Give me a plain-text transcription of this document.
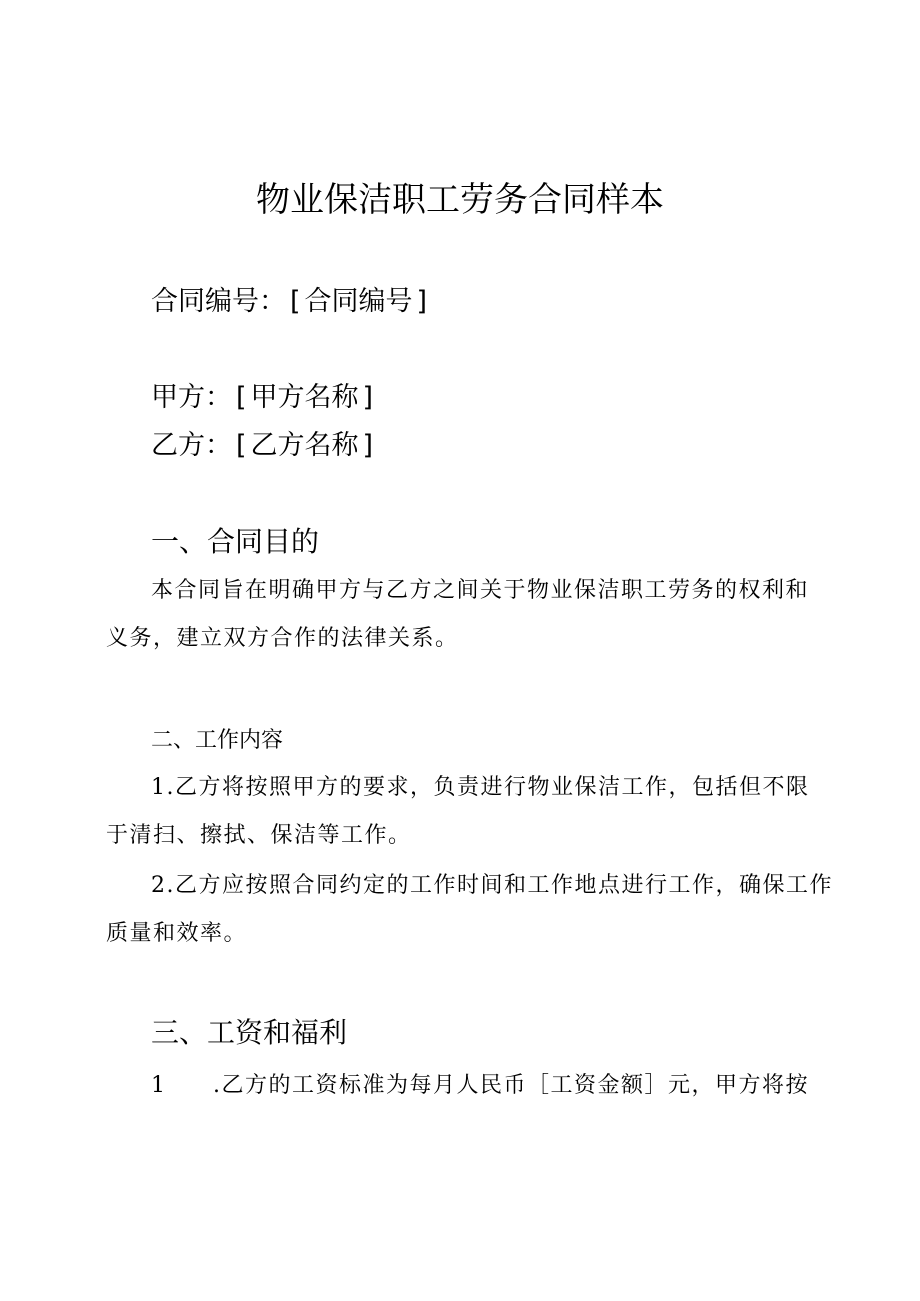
物业保洁职工劳务合同样本
合同编号： [ 合同编号 ]
甲方： [ 甲方名称 ]
乙方： [ 乙方名称 ]
一、合同目的
本合同旨在明确甲方与乙方之间关于物业保洁职工劳务的权利和
义务，建立双方合作的法律关系。
二、工作内容
1.乙方将按照甲方的要求，负责进行物业保洁工作，包括但不限
于清扫、擦拭、保洁等工作。
2.乙方应按照合同约定的工作时间和工作地点进行工作，确保工作
质量和效率。
三、工资和福利
1 .乙方的工资标准为每月人民币［工资金额］元，甲方将按
